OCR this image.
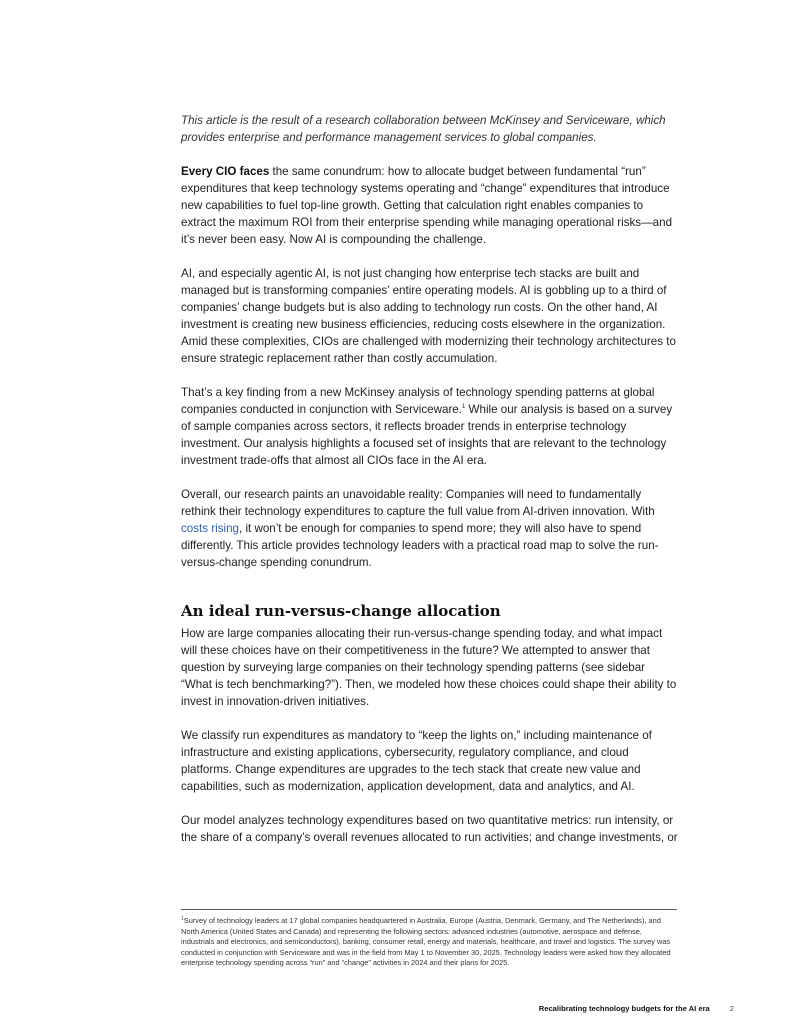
This article is the result of a research collaboration between McKinsey and Serviceware, which provides enterprise and performance management services to global companies.

Every CIO faces the same conundrum: how to allocate budget between fundamental “run” expenditures that keep technology systems operating and “change” expenditures that introduce new capabilities to fuel top-line growth. Getting that calculation right enables companies to extract the maximum ROI from their enterprise spending while managing operational risks—and it’s never been easy. Now AI is compounding the challenge.

AI, and especially agentic AI, is not just changing how enterprise tech stacks are built and managed but is transforming companies’ entire operating models. AI is gobbling up to a third of companies’ change budgets but is also adding to technology run costs. On the other hand, AI investment is creating new business efficiencies, reducing costs elsewhere in the organization. Amid these complexities, CIOs are challenged with modernizing their technology architectures to ensure strategic replacement rather than costly accumulation.

That’s a key finding from a new McKinsey analysis of technology spending patterns at global companies conducted in conjunction with Serviceware.$^1$ While our analysis is based on a survey of sample companies across sectors, it reflects broader trends in enterprise technology investment. Our analysis highlights a focused set of insights that are relevant to the technology investment trade-offs that almost all CIOs face in the AI era.

Overall, our research paints an unavoidable reality: Companies will need to fundamentally rethink their technology expenditures to capture the full value from AI-driven innovation. With costs rising, it won’t be enough for companies to spend more; they will also have to spend differently. This article provides technology leaders with a practical road map to solve the run-versus-change spending conundrum.

An ideal run-versus-change allocation

How are large companies allocating their run-versus-change spending today, and what impact will these choices have on their competitiveness in the future? We attempted to answer that question by surveying large companies on their technology spending patterns (see sidebar “What is tech benchmarking?”). Then, we modeled how these choices could shape their ability to invest in innovation-driven initiatives.

We classify run expenditures as mandatory to “keep the lights on,” including maintenance of infrastructure and existing applications, cybersecurity, regulatory compliance, and cloud platforms. Change expenditures are upgrades to the tech stack that create new value and capabilities, such as modernization, application development, data and analytics, and AI.

Our model analyzes technology expenditures based on two quantitative metrics: run intensity, or the share of a company’s overall revenues allocated to run activities; and change investments, or

$^1$Survey of technology leaders at 17 global companies headquartered in Australia, Europe (Austria, Denmark, Germany, and The Netherlands), and North America (United States and Canada) and representing the following sectors: advanced industries (automotive, aerospace and defense, industrials and electronics, and semiconductors), banking, consumer retail, energy and materials, healthcare, and travel and logistics. The survey was conducted in conjunction with Serviceware and was in the field from May 1 to November 30, 2025. Technology leaders were asked how they allocated enterprise technology spending across “run” and “change” activities in 2024 and their plans for 2025.
Recalibrating technology budgets for the AI era	2
